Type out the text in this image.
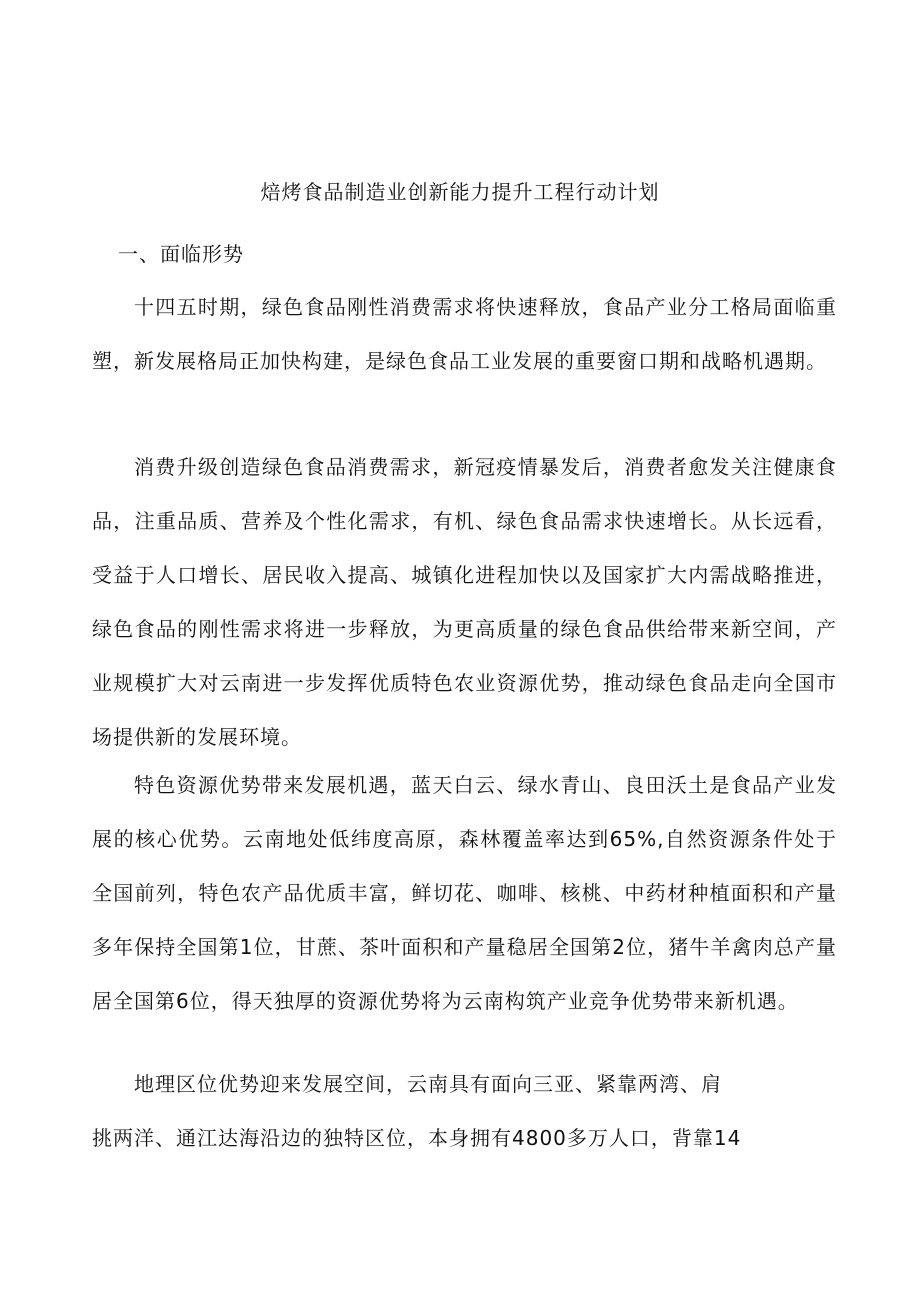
焙烤食品制造业创新能力提升工程行动计划
一、面临形势
十四五时期，绿色食品刚性消费需求将快速释放，食品产业分工格局面临重塑，新发展格局正加快构建，是绿色食品工业发展的重要窗口期和战略机遇期。
消费升级创造绿色食品消费需求，新冠疫情暴发后，消费者愈发关注健康食品，注重品质、营养及个性化需求，有机、绿色食品需求快速增长。从长远看，受益于人口增长、居民收入提高、城镇化进程加快以及国家扩大内需战略推进，绿色食品的刚性需求将进一步释放，为更高质量的绿色食品供给带来新空间，产业规模扩大对云南进一步发挥优质特色农业资源优势，推动绿色食品走向全国市场提供新的发展环境。
特色资源优势带来发展机遇，蓝天白云、绿水青山、良田沃土是食品产业发展的核心优势。云南地处低纬度高原，森林覆盖率达到65%,自然资源条件处于全国前列，特色农产品优质丰富，鲜切花、咖啡、核桃、中药材种植面积和产量多年保持全国第1位，甘蔗、茶叶面积和产量稳居全国第2位，猪牛羊禽肉总产量居全国第6位，得天独厚的资源优势将为云南构筑产业竞争优势带来新机遇。
地理区位优势迎来发展空间，云南具有面向三亚、紧靠两湾、肩
挑两洋、通江达海沿边的独特区位，本身拥有4800多万人口，背靠14
